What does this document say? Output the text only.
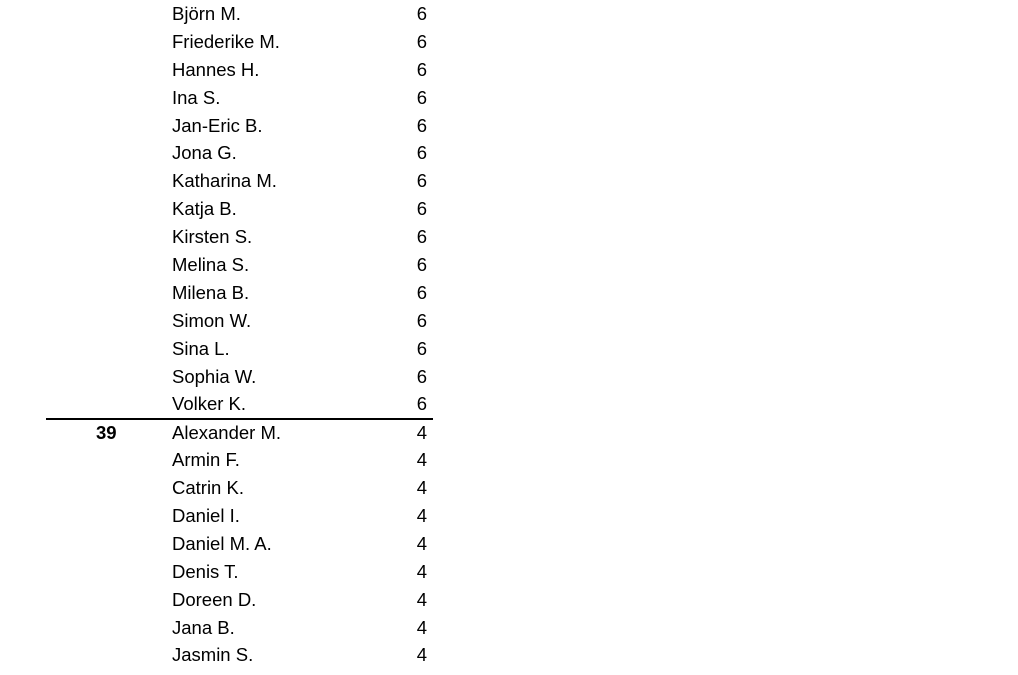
Björn M.	6
Friederike M.	6
Hannes H.	6
Ina S.	6
Jan-Eric B.	6
Jona G.	6
Katharina M.	6
Katja B.	6
Kirsten S.	6
Melina S.	6
Milena B.	6
Simon W.	6
Sina L.	6
Sophia W.	6
Volker K.	6
39	Alexander M.	4
Armin F.	4
Catrin K.	4
Daniel I.	4
Daniel M. A.	4
Denis T.	4
Doreen D.	4
Jana B.	4
Jasmin S.	4
